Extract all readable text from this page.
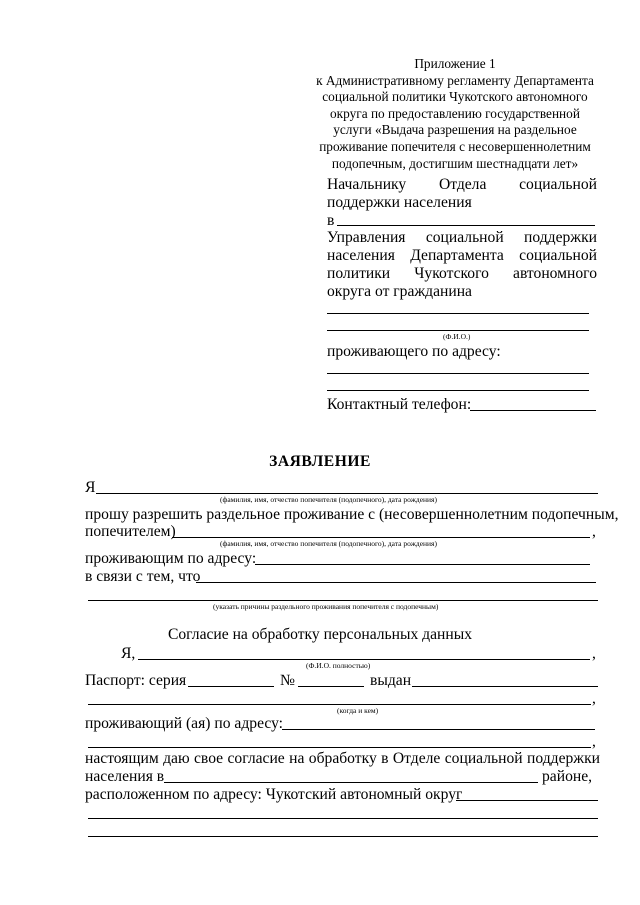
Приложение 1
к Административному регламенту Департамента
социальной политики Чукотского автономного
округа по предоставлению государственной
услуги «Выдача разрешения на раздельное
проживание попечителя с несовершеннолетним
подопечным, достигшим шестнадцати лет»
Начальнику Отдела социальной
поддержки населения
в
Управления социальной поддержки
населения Департамента социальной
политики Чукотского автономного
округа от гражданина
(Ф.И.О.)
проживающего по адресу:
Контактный телефон:
ЗАЯВЛЕНИЕ
Я
(фамилия, имя, отчество попечителя (подопечного), дата рождения)
прошу разрешить раздельное проживание с (несовершеннолетним подопечным,
попечителем)	,
(фамилия, имя, отчество попечителя (подопечного), дата рождения)
проживающим по адресу:
в связи с тем, что
(указать причины раздельного проживания попечителя с подопечным)
Согласие на обработку персональных данных
Я,	,
(Ф.И.О. полностью)
Паспорт: серия	№	выдан
,
(когда и кем)
проживающий (ая) по адресу:
,
настоящим даю свое согласие на обработку в Отделе социальной поддержки
населения в	районе,
расположенном по адресу: Чукотский автономный округ
